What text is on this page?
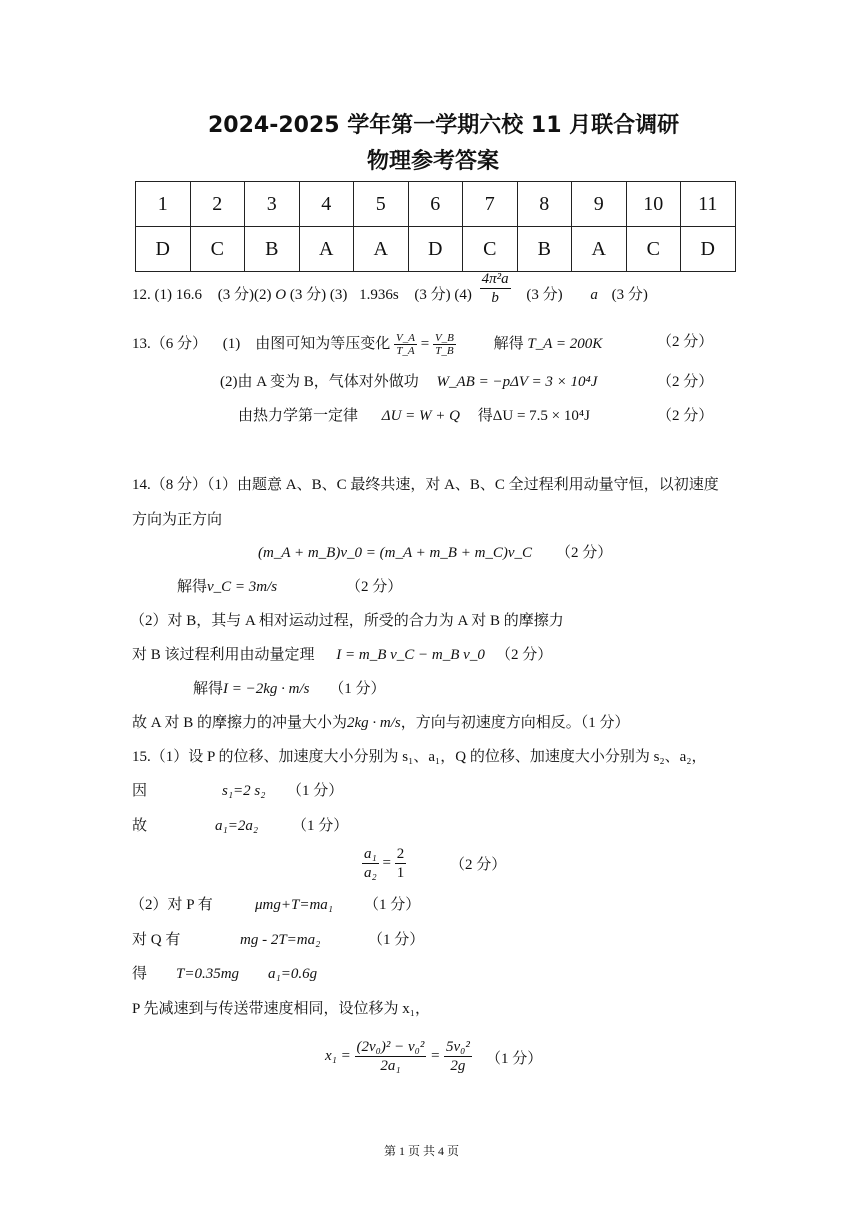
2024-2025 学年第一学期六校 11 月联合调研
物理参考答案
1	2	3	4	5	6	7	8	9	10	11
D	C	B	A	A	D	C	B	A	C	D
12. (1) 16.6 (3 分)(2) O (3 分) (3) 1.936s (3 分) $(4) \frac{\text{4π²a}}{b} (3$ 分) a (3 分)
13.（6 分） (1)　由图可知为等压变化 $\frac{V\_A}{T\_A} = \frac{V\_B}{T\_B}$	解得 T_A = 200K	（2 分）
(2)由 A 变为 B，气体对外做功 W_AB = −pΔV = 3 × 10⁴J	（2 分）
由热力学第一定律 ΔU = W + Q 得ΔU = 7.5 × 10⁴J	（2 分）
14.（8 分）（1）由题意 A、B、C 最终共速，对 A、B、C 全过程利用动量守恒，以初速度
方向为正方向
(m_A + m_B)v_0 = (m_A + m_B + m_C)v_C （2 分）
解得v_C = 3m/s	（2 分）
（2）对 B，其与 A 相对运动过程，所受的合力为 A 对 B 的摩擦力
对 B 该过程利用由动量定理 I = m_B v_C − m_B v_0 （2 分）
解得I = −2kg · m/s （1 分）
故 A 对 B 的摩擦力的冲量大小为2kg · m/s，方向与初速度方向相反。（1 分）
15.（1）设 P 的位移、加速度大小分别为 s₁、a₁，Q 的位移、加速度大小分别为 s₂、a₂，
因	s₁=2 s₂ （1 分）
故	a₁=2a₂ （1 分）
$\frac{\text{a₁}}{\text{a₂}} = \frac{2}{1}$	（2 分）
（2）对 P 有	μmg+T=ma₁ （1 分）
对 Q 有	mg - 2T=ma₂	（1 分）
得 T=0.35mg a₁=0.6g
P 先减速到与传送带速度相同，设位移为 x₁，
$x_1 = \frac{\text{(2v₀)² − v₀²}}{\text{2a₁}} = \frac{\text{5v₀²}}{2g} (1$ 分）
第 1 页 共 4 页
